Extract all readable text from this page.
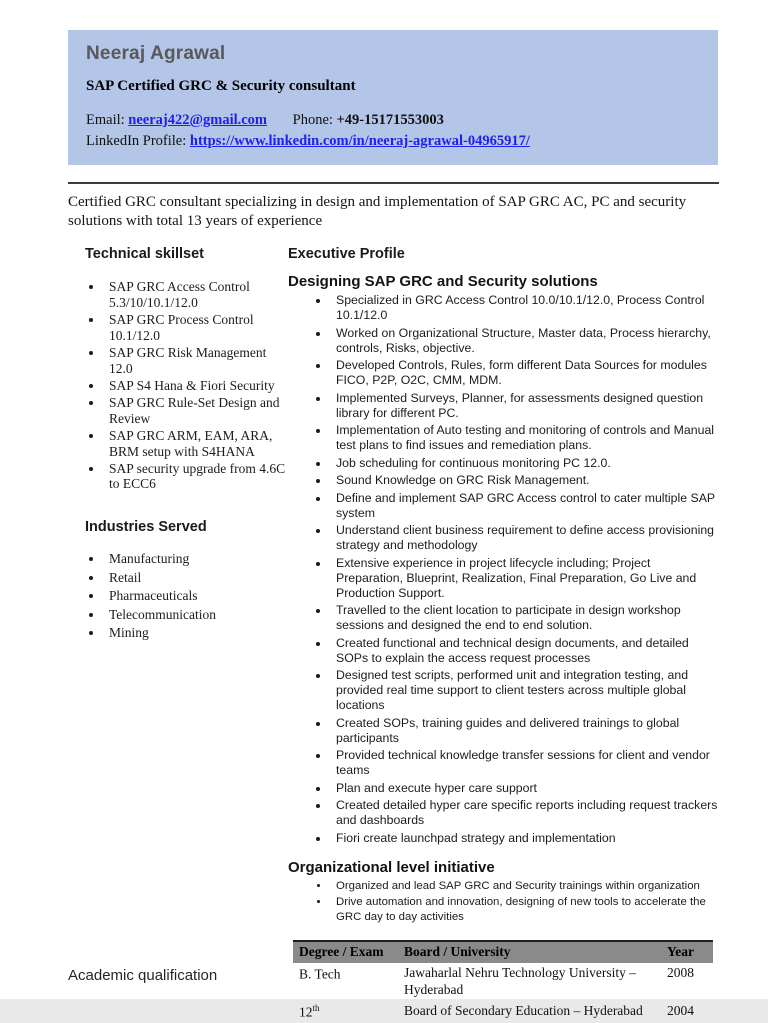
Neeraj Agrawal
SAP Certified GRC & Security consultant
Email: neeraj422@gmail.com Phone: +49-15171553003
LinkedIn Profile: https://www.linkedin.com/in/neeraj-agrawal-04965917/

Certified GRC consultant specializing in design and implementation of SAP GRC AC, PC and security solutions with total 13 years of experience

Technical skillset
• SAP GRC Access Control 5.3/10/10.1/12.0
• SAP GRC Process Control 10.1/12.0
• SAP GRC Risk Management 12.0
• SAP S4 Hana & Fiori Security
• SAP GRC Rule-Set Design and Review
• SAP GRC ARM, EAM, ARA, BRM setup with S4HANA
• SAP security upgrade from 4.6C to ECC6
Industries Served
• Manufacturing
• Retail
• Pharmaceuticals
• Telecommunication
• Mining
Executive Profile
Designing SAP GRC and Security solutions
• Specialized in GRC Access Control 10.0/10.1/12.0, Process Control 10.1/12.0
• Worked on Organizational Structure, Master data, Process hierarchy, controls, Risks, objective.
• Developed Controls, Rules, form different Data Sources for modules FICO, P2P, O2C, CMM, MDM.
• Implemented Surveys, Planner, for assessments designed question library for different PC.
• Implementation of Auto testing and monitoring of controls and Manual test plans to find issues and remediation plans.
• Job scheduling for continuous monitoring PC 12.0.
• Sound Knowledge on GRC Risk Management.
• Define and implement SAP GRC Access control to cater multiple SAP system
• Understand client business requirement to define access provisioning strategy and methodology
• Extensive experience in project lifecycle including; Project Preparation, Blueprint, Realization, Final Preparation, Go Live and Production Support.
• Travelled to the client location to participate in design workshop sessions and designed the end to end solution.
• Created functional and technical design documents, and detailed SOPs to explain the access request processes
• Designed test scripts, performed unit and integration testing, and provided real time support to client testers across multiple global locations
• Created SOPs, training guides and delivered trainings to global participants
• Provided technical knowledge transfer sessions for client and vendor teams
• Plan and execute hyper care support
• Created detailed hyper care specific reports including request trackers and dashboards
• Fiori create launchpad strategy and implementation
Organizational level initiative
• Organized and lead SAP GRC and Security trainings within organization
• Drive automation and innovation, designing of new tools to accelerate the GRC day to day activities
Academic qualification
Degree / Exam	Board / University	Year
B. Tech	Jawaharlal Nehru Technology University – Hyderabad	2008
12th	Board of Secondary Education – Hyderabad	2004
